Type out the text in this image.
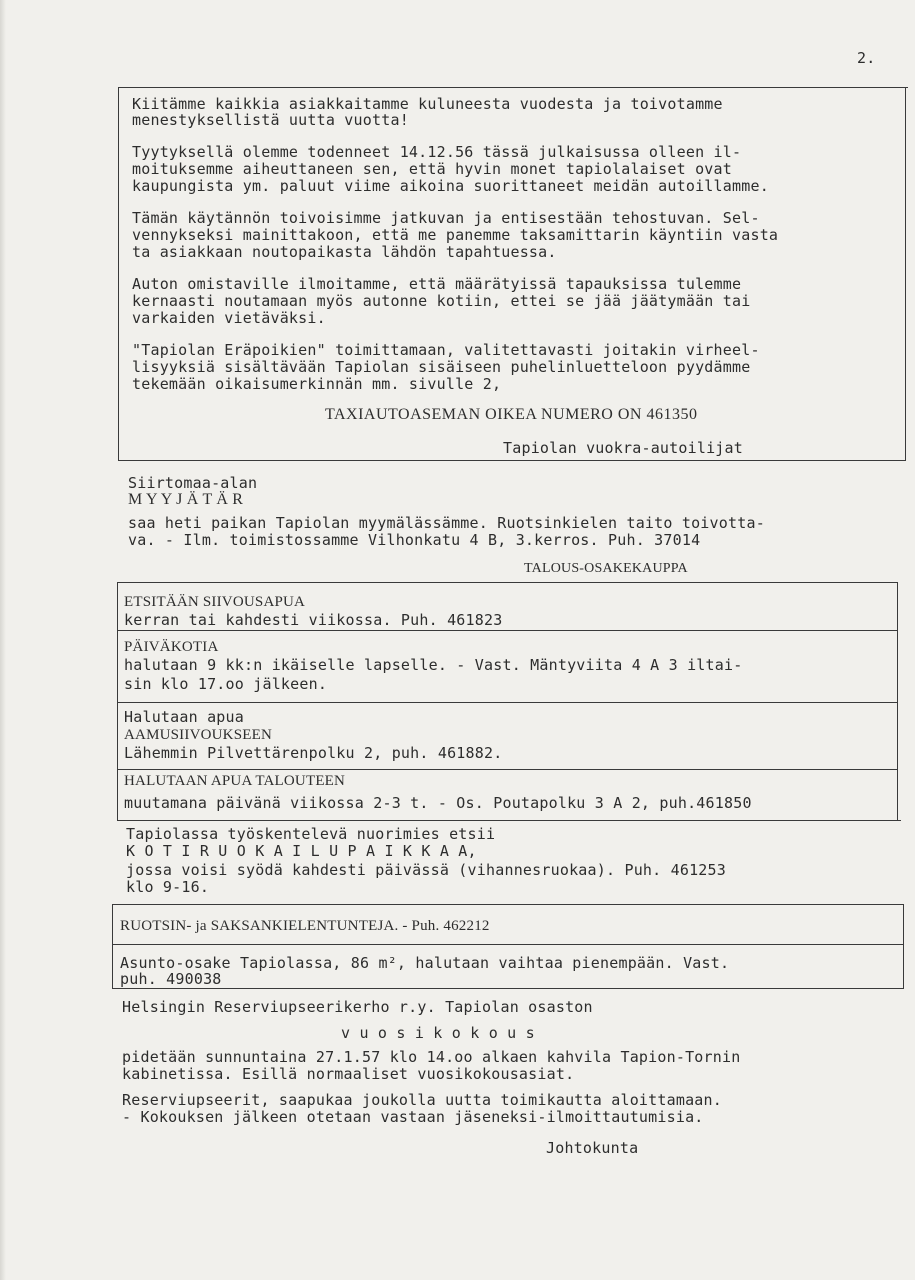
2.
Kiitämme kaikkia asiakkaitamme kuluneesta vuodesta ja toivotamme
menestyksellistä uutta vuotta!
Tyytyksellä olemme todenneet 14.12.56 tässä julkaisussa olleen il-
moituksemme aiheuttaneen sen, että hyvin monet tapiolalaiset ovat
kaupungista ym. paluut viime aikoina suorittaneet meidän autoillamme.
Tämän käytännön toivoisimme jatkuvan ja entisestään tehostuvan. Sel-
vennykseksi mainittakoon, että me panemme taksamittarin käyntiin vasta
ta asiakkaan noutopaikasta lähdön tapahtuessa.
Auton omistaville ilmoitamme, että määrätyissä tapauksissa tulemme
kernaasti noutamaan myös autonne kotiin, ettei se jää jäätymään tai
varkaiden vietäväksi.
"Tapiolan Eräpoikien" toimittamaan, valitettavasti joitakin virheel-
lisyyksiä sisältävään Tapiolan sisäiseen puhelinluetteloon pyydämme
tekemään oikaisumerkinnän mm. sivulle 2,
TAXIAUTOASEMAN OIKEA NUMERO ON 461350
Tapiolan vuokra-autoilijat
Siirtomaa-alan
M Y Y J Ä T Ä R
saa heti paikan Tapiolan myymälässämme. Ruotsinkielen taito toivotta-
va. - Ilm. toimistossamme Vilhonkatu 4 B, 3.kerros. Puh. 37014
TALOUS-OSAKEKAUPPA
ETSITÄÄN SIIVOUSAPUA
kerran tai kahdesti viikossa. Puh. 461823
PÄIVÄKOTIA
halutaan 9 kk:n ikäiselle lapselle. - Vast. Mäntyviita 4 A 3 iltai-
sin klo 17.oo jälkeen.
Halutaan apua
AAMUSIIVOUKSEEN
Lähemmin Pilvettärenpolku 2, puh. 461882.
HALUTAAN APUA TALOUTEEN
muutamana päivänä viikossa 2-3 t. - Os. Poutapolku 3 A 2, puh.461850
Tapiolassa työskentelevä nuorimies etsii
K O T I R U O K A I L U P A I K K A A,
jossa voisi syödä kahdesti päivässä (vihannesruokaa). Puh. 461253
klo 9-16.
RUOTSIN- ja SAKSANKIELENTUNTEJA. - Puh. 462212
Asunto-osake Tapiolassa, 86 m², halutaan vaihtaa pienempään. Vast.
puh. 490038
Helsingin Reserviupseerikerho r.y. Tapiolan osaston
v u o s i k o k o u s
pidetään sunnuntaina 27.1.57 klo 14.oo alkaen kahvila Tapion-Tornin
kabinetissa. Esillä normaaliset vuosikokousasiat.
Reserviupseerit, saapukaa joukolla uutta toimikautta aloittamaan.
- Kokouksen jälkeen otetaan vastaan jäseneksi-ilmoittautumisia.
Johtokunta
